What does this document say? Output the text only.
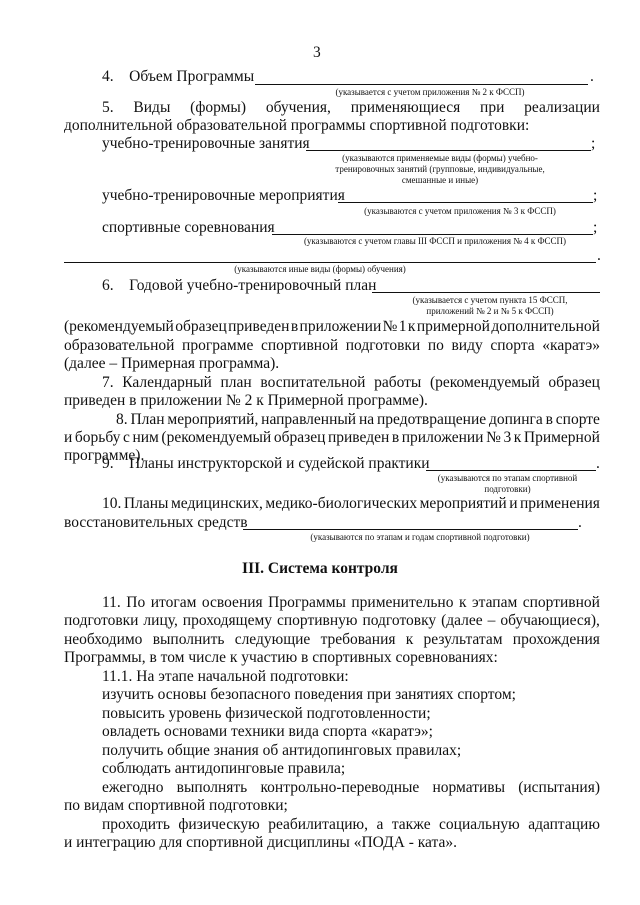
3
4.    Объем Программы	.
(указывается с учетом приложения № 2 к ФССП)
5. Виды (формы) обучения, применяющиеся при реализации
дополнительной образовательной программы спортивной подготовки:
учебно-тренировочные занятия	;
(указываются применяемые виды (формы) учебно-
тренировочных занятий (групповые, индивидуальные,
смешанные и иные)
учебно-тренировочные мероприятия	;
(указываются с учетом приложения № 3 к ФССП)
спортивные соревнования	;
(указываются с учетом главы III ФССП и приложения № 4 к ФССП)
.
(указываются иные виды (формы) обучения)
6.    Годовой учебно-тренировочный план
(указывается с учетом пункта 15 ФССП,
приложений № 2 и № 5 к ФССП)
(рекомендуемый образец приведен в приложении № 1 к примерной дополнительной
образовательной программе спортивной подготовки по виду спорта «каратэ»
(далее – Примерная программа).
7. Календарный план воспитательной работы (рекомендуемый образец
приведен в приложении № 2 к Примерной программе).
8. План мероприятий, направленный на предотвращение допинга в спорте
и борьбу с ним (рекомендуемый образец приведен в приложении № 3 к Примерной
программе).
9.    Планы инструкторской и судейской практики	.
(указываются по этапам спортивной
подготовки)
10. Планы медицинских, медико-биологических мероприятий и применения
восстановительных средств	.
(указываются по этапам и годам спортивной подготовки)
III. Система контроля
11. По итогам освоения Программы применительно к этапам спортивной
подготовки лицу, проходящему спортивную подготовку (далее – обучающиеся),
необходимо выполнить следующие требования к результатам прохождения
Программы, в том числе к участию в спортивных соревнованиях:
11.1. На этапе начальной подготовки:
изучить основы безопасного поведения при занятиях спортом;
повысить уровень физической подготовленности;
овладеть основами техники вида спорта «каратэ»;
получить общие знания об антидопинговых правилах;
соблюдать антидопинговые правила;
ежегодно выполнять контрольно-переводные нормативы (испытания)
по видам спортивной подготовки;
проходить физическую реабилитацию, а также социальную адаптацию
и интеграцию для спортивной дисциплины «ПОДА - ката».
